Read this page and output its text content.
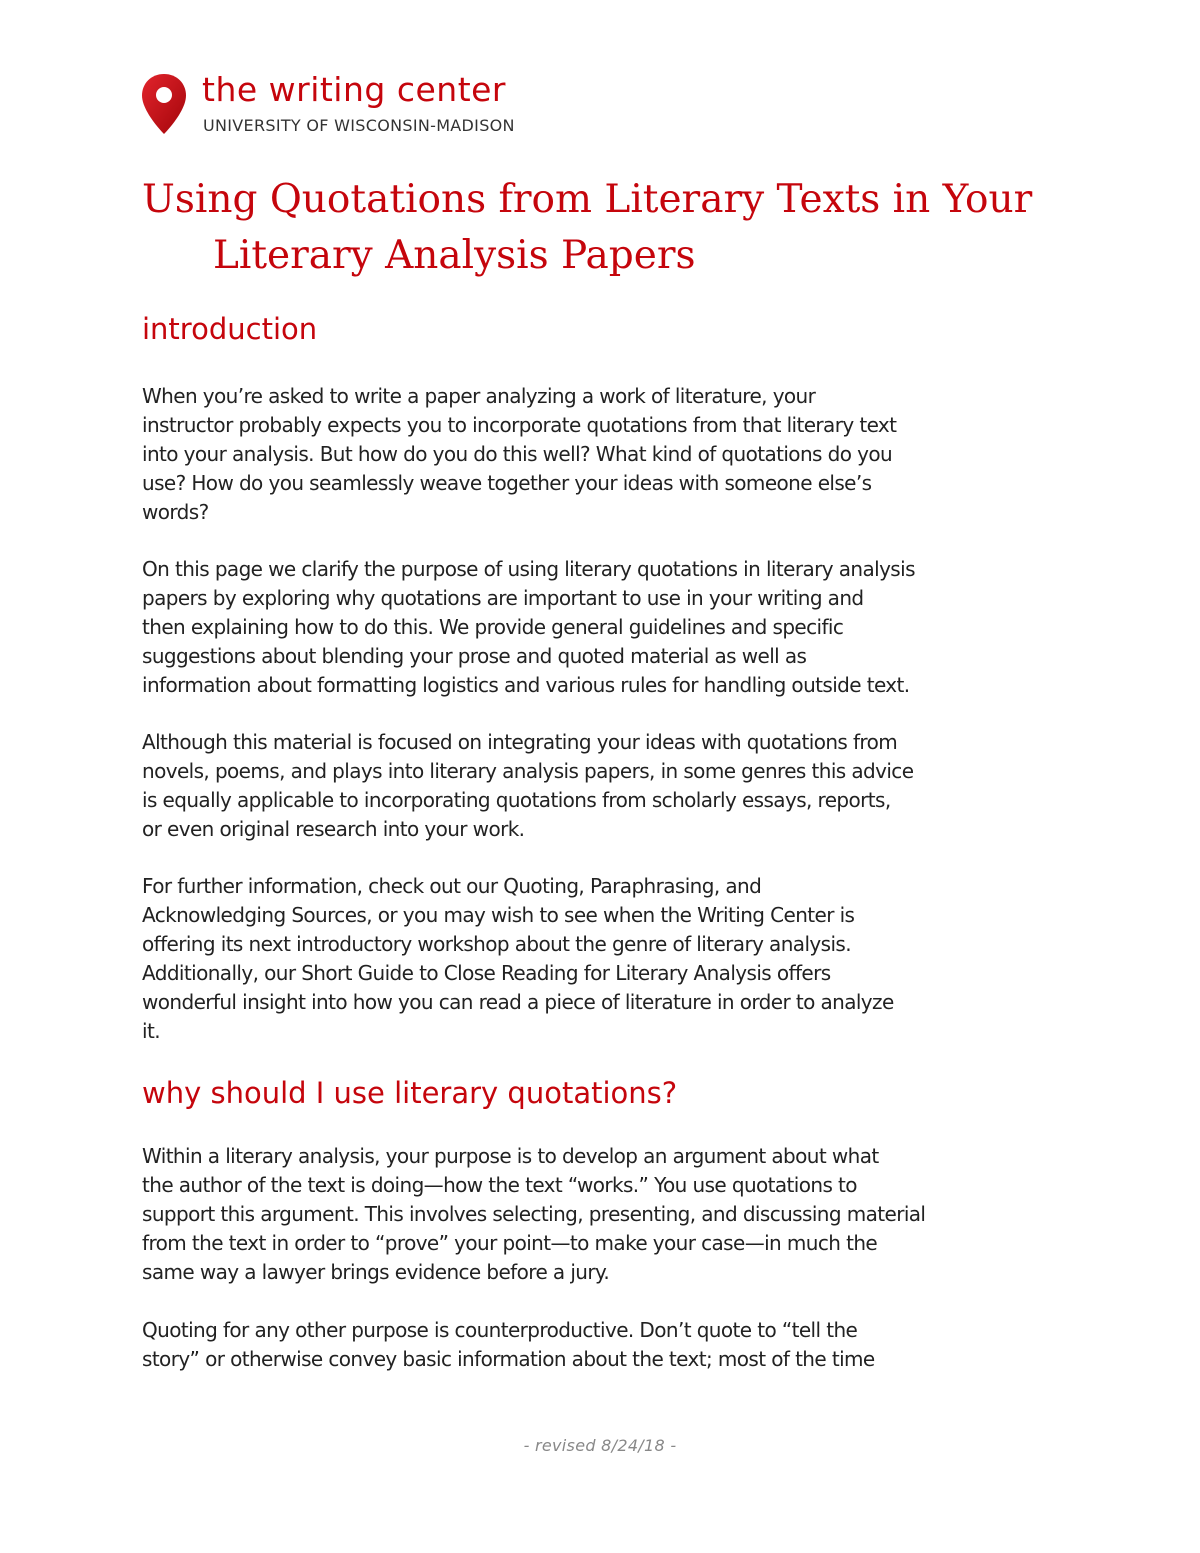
the writing center
UNIVERSITY OF WISCONSIN-MADISON
Using Quotations from Literary Texts in Your
Literary Analysis Papers
introduction
When you’re asked to write a paper analyzing a work of literature, your
instructor probably expects you to incorporate quotations from that literary text
into your analysis. But how do you do this well? What kind of quotations do you
use? How do you seamlessly weave together your ideas with someone else’s
words?
On this page we clarify the purpose of using literary quotations in literary analysis
papers by exploring why quotations are important to use in your writing and
then explaining how to do this. We provide general guidelines and specific
suggestions about blending your prose and quoted material as well as
information about formatting logistics and various rules for handling outside text.
Although this material is focused on integrating your ideas with quotations from
novels, poems, and plays into literary analysis papers, in some genres this advice
is equally applicable to incorporating quotations from scholarly essays, reports,
or even original research into your work.
For further information, check out our Quoting, Paraphrasing, and
Acknowledging Sources, or you may wish to see when the Writing Center is
offering its next introductory workshop about the genre of literary analysis.
Additionally, our Short Guide to Close Reading for Literary Analysis offers
wonderful insight into how you can read a piece of literature in order to analyze
it.
why should I use literary quotations?
Within a literary analysis, your purpose is to develop an argument about what
the author of the text is doing—how the text “works.” You use quotations to
support this argument. This involves selecting, presenting, and discussing material
from the text in order to “prove” your point—to make your case—in much the
same way a lawyer brings evidence before a jury.
Quoting for any other purpose is counterproductive. Don’t quote to “tell the
story” or otherwise convey basic information about the text; most of the time
- revised 8/24/18 -
